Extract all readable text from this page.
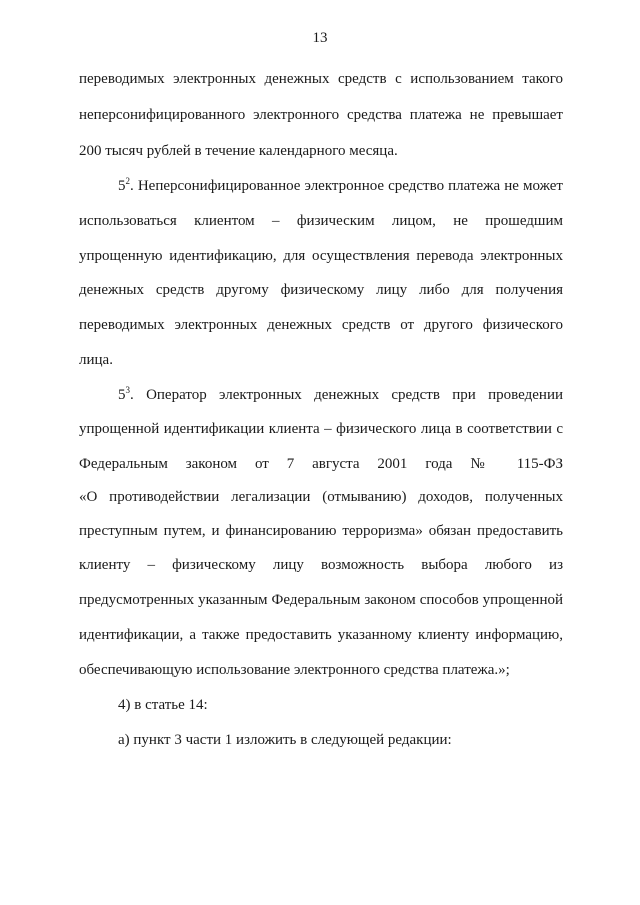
13
переводимых электронных денежных средств с использованием такого
неперсонифицированного электронного средства платежа не превышает
200 тысяч рублей в течение календарного месяца.
$5^2$. Неперсонифицированное электронное средство платежа не может
использоваться клиентом – физическим лицом, не прошедшим
упрощенную идентификацию, для осуществления перевода электронных
денежных средств другому физическому лицу либо для получения
переводимых электронных денежных средств от другого физического
лица.
$5^3$. Оператор электронных денежных средств при проведении
упрощенной идентификации клиента – физического лица в соответствии с
Федеральным законом от 7 августа 2001 года № 115-ФЗ
«О противодействии легализации (отмыванию) доходов, полученных
преступным путем, и финансированию терроризма» обязан предоставить
клиенту – физическому лицу возможность выбора любого из
предусмотренных указанным Федеральным законом способов упрощенной
идентификации, а также предоставить указанному клиенту информацию,
обеспечивающую использование электронного средства платежа.»;
4) в статье 14:
а) пункт 3 части 1 изложить в следующей редакции:
